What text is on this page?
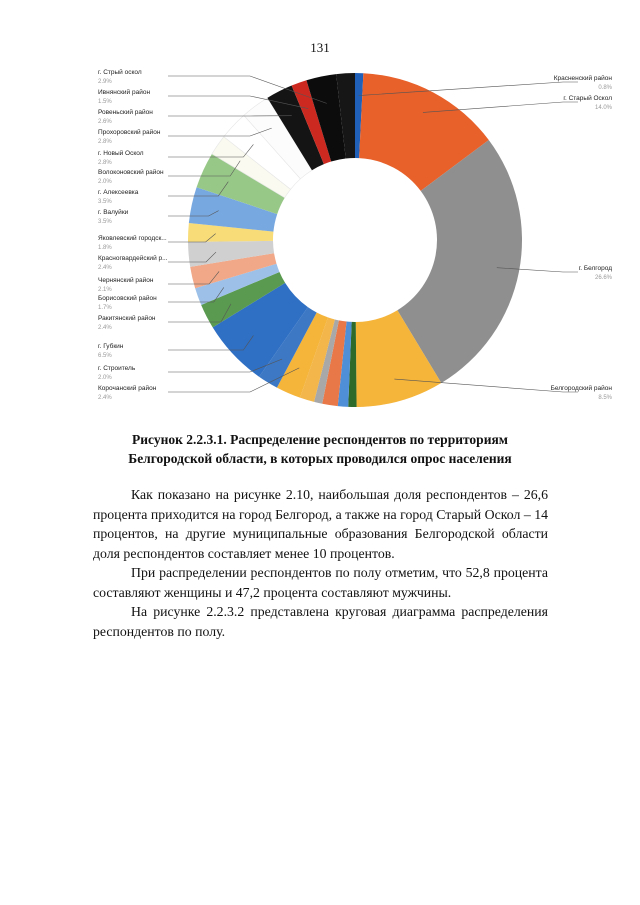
131
Красненский район
0.8%
г. Старый Оскол
14.0%
г. Белгород
26.6%
Белгородский район
8.5%
г. Стрый оскол
2.9%
Ивнянский район
1.5%
Ровеньский район
2.6%
Прохоровский район
2.8%
г. Новый Оскол
2.8%
Волоконовский район
2.0%
г. Алексеевка
3.5%
г. Валуйки
3.5%
Яковлевский городск...
1.8%
Красногвардейский р...
2.4%
Чернянский район
2.1%
Борисовский район
1.7%
Ракитянский район
2.4%
г. Губкин
6.5%
г. Строитель
2.0%
Корочанский район
2.4%
Рисунок 2.2.3.1. Распределение респондентов по территориям
Белгородской области, в которых проводился опрос населения

Как показано на рисунке 2.10, наибольшая доля респондентов – 26,6 процента приходится на город Белгород, а также на город Старый Оскол – 14 процентов, на другие муниципальные образования Белгородской области доля респондентов составляет менее 10 процентов.

При распределении респондентов по полу отметим, что 52,8 процента составляют женщины и 47,2 процента составляют мужчины.

На рисунке 2.2.3.2 представлена круговая диаграмма распределения респондентов по полу.
